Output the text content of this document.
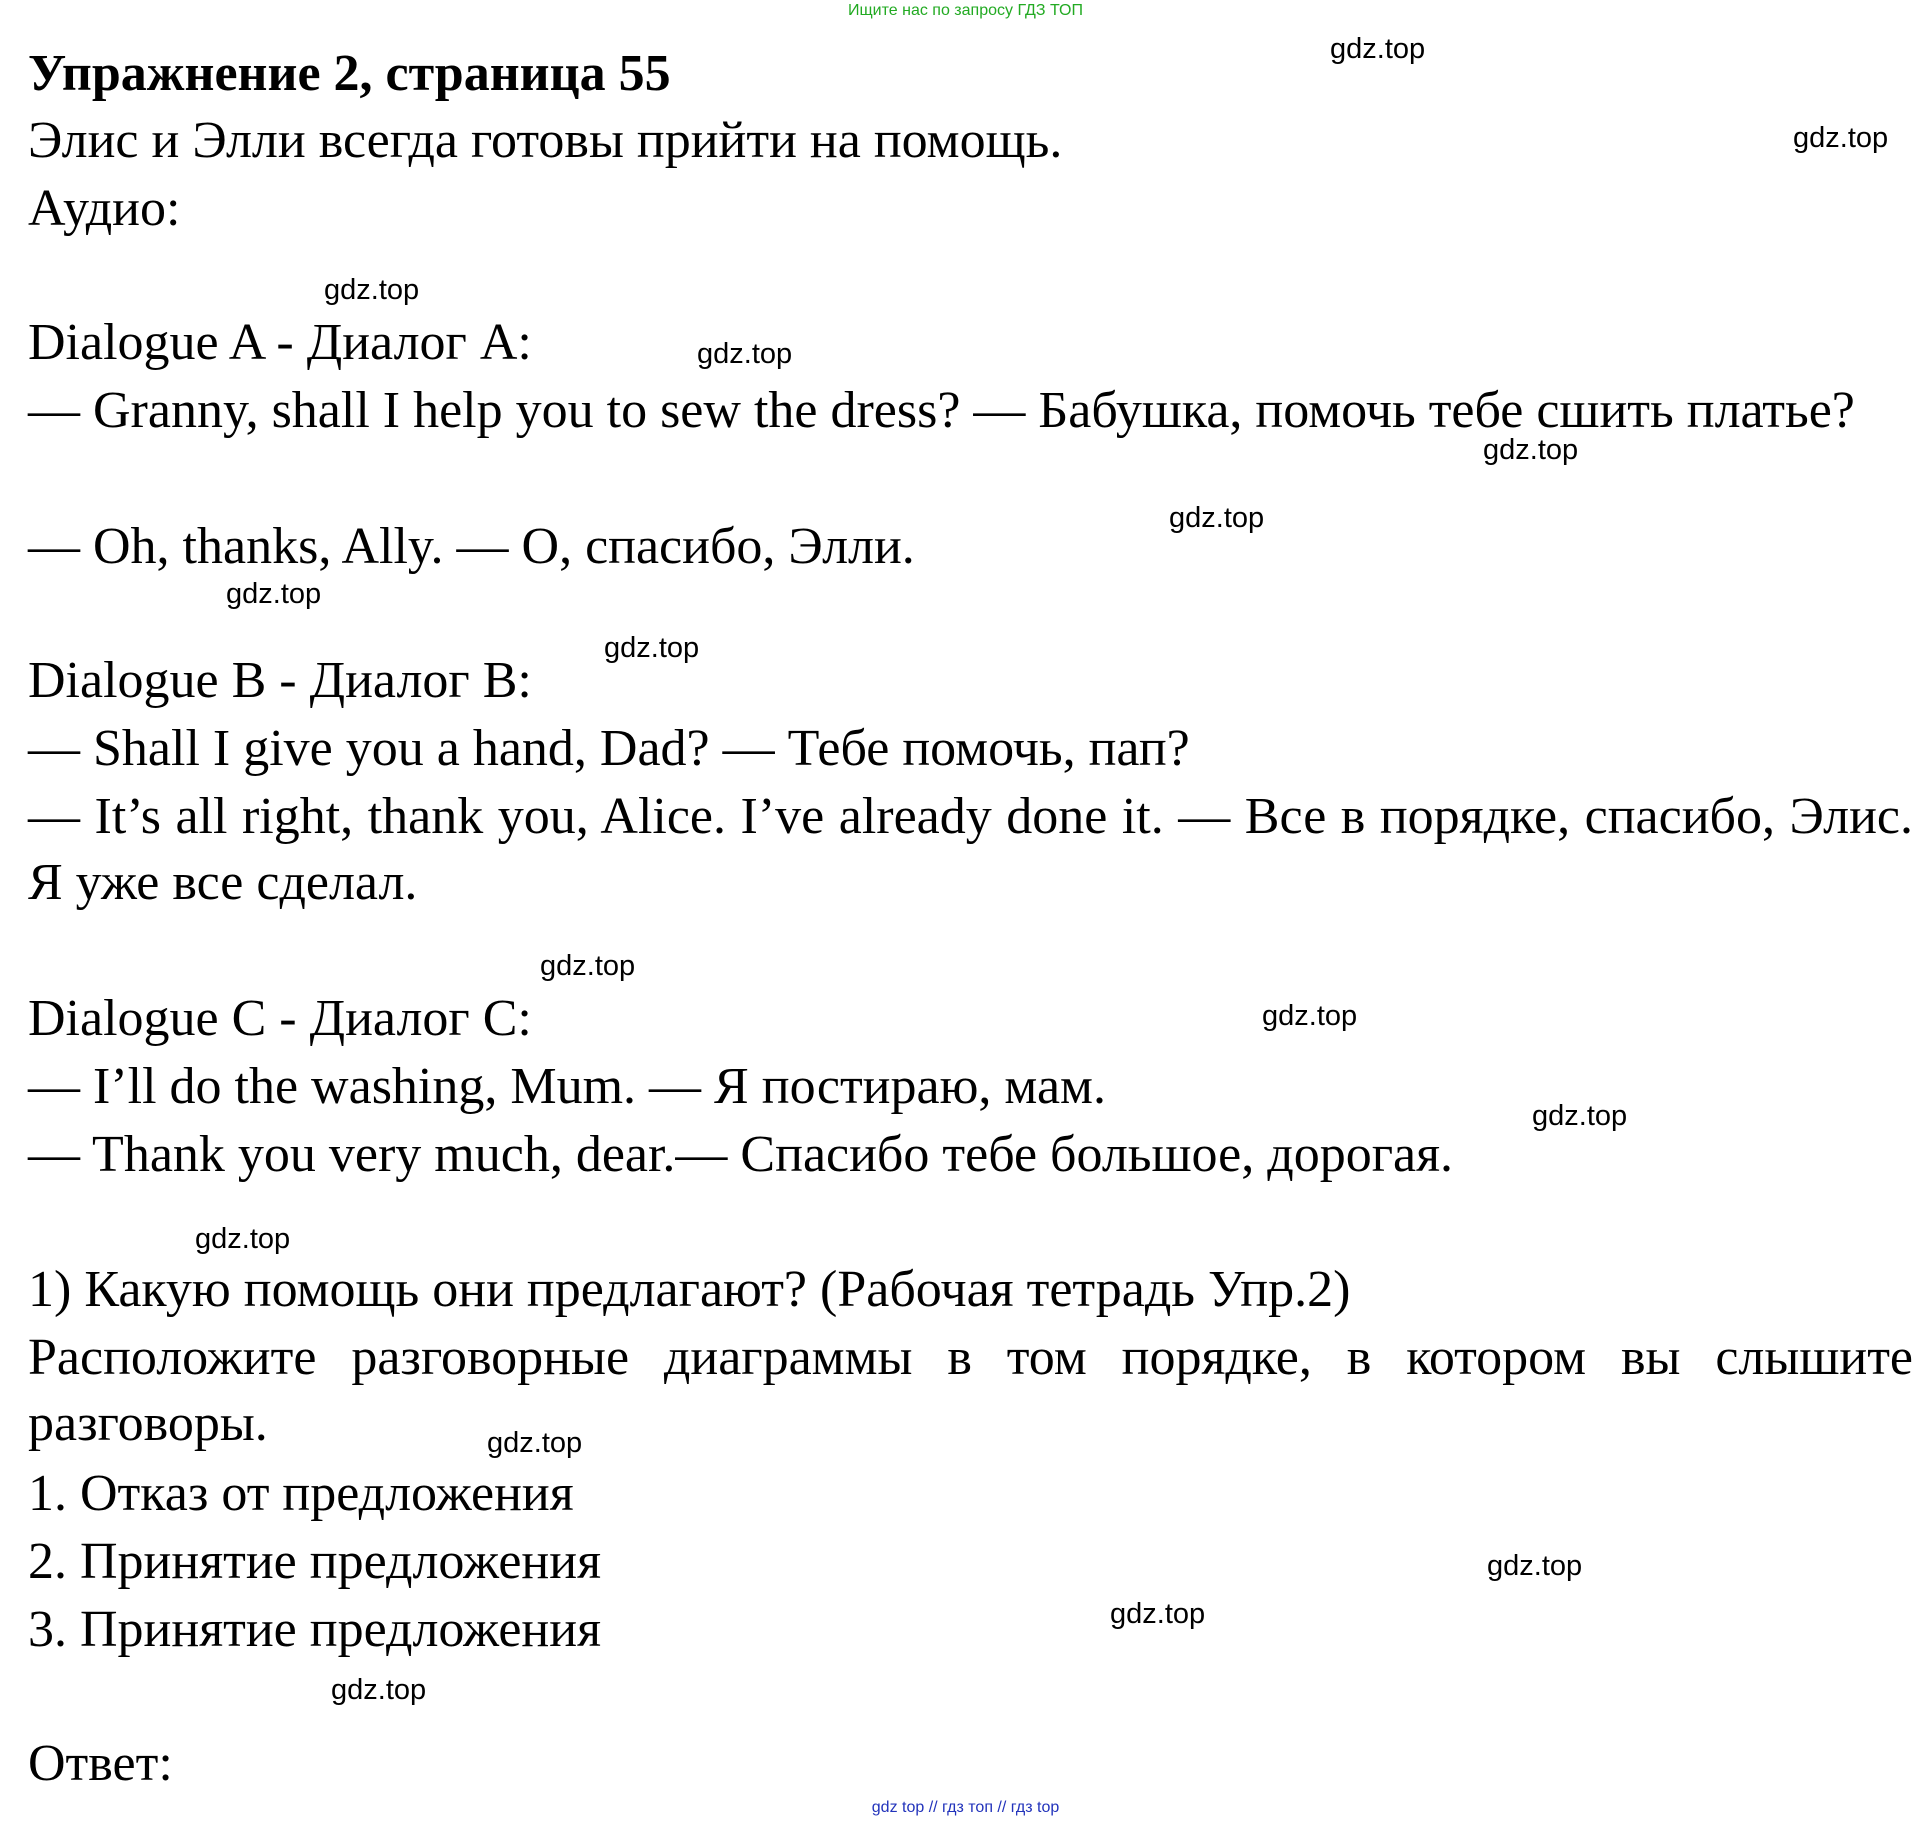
Ищите нас по запросу ГДЗ ТОП
Упражнение 2, страница 55
Элис и Элли всегда готовы прийти на помощь.
Аудио:
Dialogue A - Диалог A:
— Granny, shall I help you to sew the dress? — Бабушка, помочь тебе сшить платье?
— Oh, thanks, Ally. — О, спасибо, Элли.
Dialogue B - Диалог B:
— Shall I give you a hand, Dad? — Тебе помочь, пап?
— It’s all right, thank you, Alice. I’ve already done it. — Все в порядке, спасибо, Элис. Я уже все сделал.
Dialogue C - Диалог C:
— I’ll do the washing, Mum. — Я постираю, мам.
— Thank you very much, dear.— Спасибо тебе большое, дорогая.
1) Какую помощь они предлагают? (Рабочая тетрадь Упр.2)
Расположите разговорные диаграммы в том порядке, в котором вы слышите разговоры.
1. Отказ от предложения
2. Принятие предложения
3. Принятие предложения
Ответ:
gdz.top
gdz.top
gdz.top
gdz.top
gdz.top
gdz.top
gdz.top
gdz.top
gdz.top
gdz.top
gdz.top
gdz.top
gdz.top
gdz.top
gdz.top
gdz.top
gdz top // гдз топ // гдз top
